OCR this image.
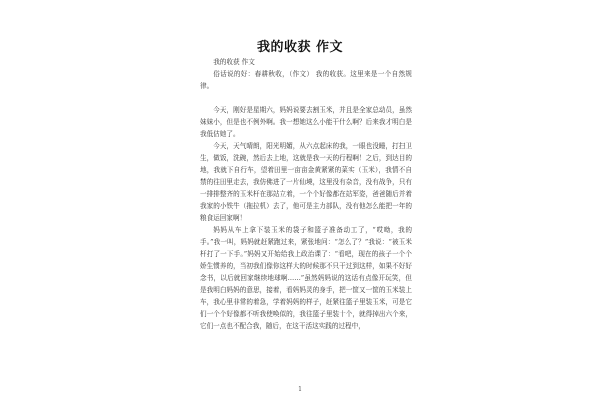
我的收获 作文

我的收获 作文

俗话说的好：春耕秋收，（作文） 我的收获。这里来是一个自然规律。

今天，刚好是星期六，妈妈说要去割玉米，并且是全家总动员，虽然妹妹小，但是也不例外啊。我一想她这么小能干什么啊？后来我才明白是我低估她了。

今天，天气晴朗，阳光明媚，从六点起床的我，一眼也没睡，打扫卫生，做饭，洗碗，然后去上地，这就是我一天的行程啊！之后，到达目的地，我就下自行车，望着田里一亩亩金黄紧紧的菜实（玉米），我情不自禁的往田里走去，我仿佛进了一片仙境，这里没有杂音，没有战争，只有一排排整齐的玉米杆在那站立着，一个个好像都在站军姿，爸爸随后并着我家的小铁牛（拖拉机）去了，他可是主力部队，没有他怎么能把一年的粮食运回家啊！

妈妈从车上拿下装玉米的袋子和篮子准备动工了，“哎呦，我的手。”我一叫，妈妈就赶紧跑过来，紧张地问：“怎么了？”我说：“被玉米杆打了一下手。”妈妈又开始给我上政治课了：“看吧，现在的孩子一个个娇生惯养的，当初我们像你这样大的时候那不只干过到这样，如果不好好念书，以后就回家继续地球啊……”虽然妈妈说的这话有点像开玩笑，但是我明白妈妈的意思，接着，看妈妈灵的身手，把一筐又一筐的玉米装上车，我心里非常的着急，学着妈妈的样子，赶紧往篮子里装玉米，可是它们一个个好像都不听我使唤似的，我往篮子里装十个，就得掉出六个来，它们一点也不配合我，随后，在这干活这实践的过程中，

1
